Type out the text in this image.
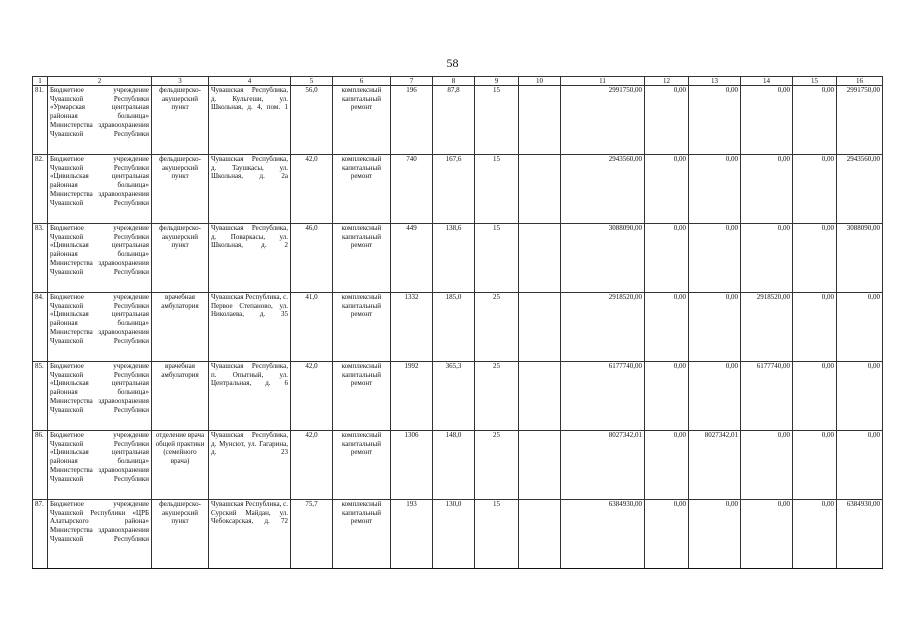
58
1	2	3	4	5	6	7	8	9	10	11	12	13	14	15	16
81.	Бюджетное учреждение Чувашской Республики «Урмарская центральная районная больница» Министерства здравоохранения Чувашской Республики	фельдшерско-акушерский пункт	Чувашская Республика, д. Кульгеши, ул. Школьная, д. 4, пом. 1	56,0	комплексный капитальный ремонт	196	87,8	15		2991750,00	0,00	0,00	0,00	0,00	2991750,00
82.	Бюджетное учреждение Чувашской Республики «Цивильская центральная районная больница» Министерства здравоохранения Чувашской Республики	фельдшерско-акушерский пункт	Чувашская Республика, д. Таушкасы, ул. Школьная, д. 2а	42,0	комплексный капитальный ремонт	740	167,6	15		2943560,00	0,00	0,00	0,00	0,00	2943560,00
83.	Бюджетное учреждение Чувашской Республики «Цивильская центральная районная больница» Министерства здравоохранения Чувашской Республики	фельдшерско-акушерский пункт	Чувашская Республика, д. Поваркасы, ул. Школьная, д. 2	46,0	комплексный капитальный ремонт	449	138,6	15		3088090,00	0,00	0,00	0,00	0,00	3088090,00
84.	Бюджетное учреждение Чувашской Республики «Цивильская центральная районная больница» Министерства здравоохранения Чувашской Республики	врачебная амбулатория	Чувашская Республика, с. Первое Степаново, ул. Николаева, д. 35	41,0	комплексный капитальный ремонт	1332	185,0	25		2918520,00	0,00	0,00	2918520,00	0,00	0,00
85.	Бюджетное учреждение Чувашской Республики «Цивильская центральная районная больница» Министерства здравоохранения Чувашской Республики	врачебная амбулатория	Чувашская Республика, п. Опытный, ул. Центральная, д. 6	42,0	комплексный капитальный ремонт	1992	365,3	25		6177740,00	0,00	0,00	6177740,00	0,00	0,00
86.	Бюджетное учреждение Чувашской Республики «Цивильская центральная районная больница» Министерства здравоохранения Чувашской Республики	отделение врача общей практики (семейного врача)	Чувашская Республика, д. Мунсют, ул. Гагарина, д. 23	42,0	комплексный капитальный ремонт	1306	148,0	25		8027342,01	0,00	8027342,01	0,00	0,00	0,00
87.	Бюджетное учреждение Чувашской Республики «ЦРБ Алатырского района» Министерства здравоохранения Чувашской Республики	фельдшерско-акушерский пункт	Чувашская Республика, с. Сурский Майдан, ул. Чебоксарская, д. 72	75,7	комплексный капитальный ремонт	193	130,0	15		6384930,00	0,00	0,00	0,00	0,00	6384930,00
